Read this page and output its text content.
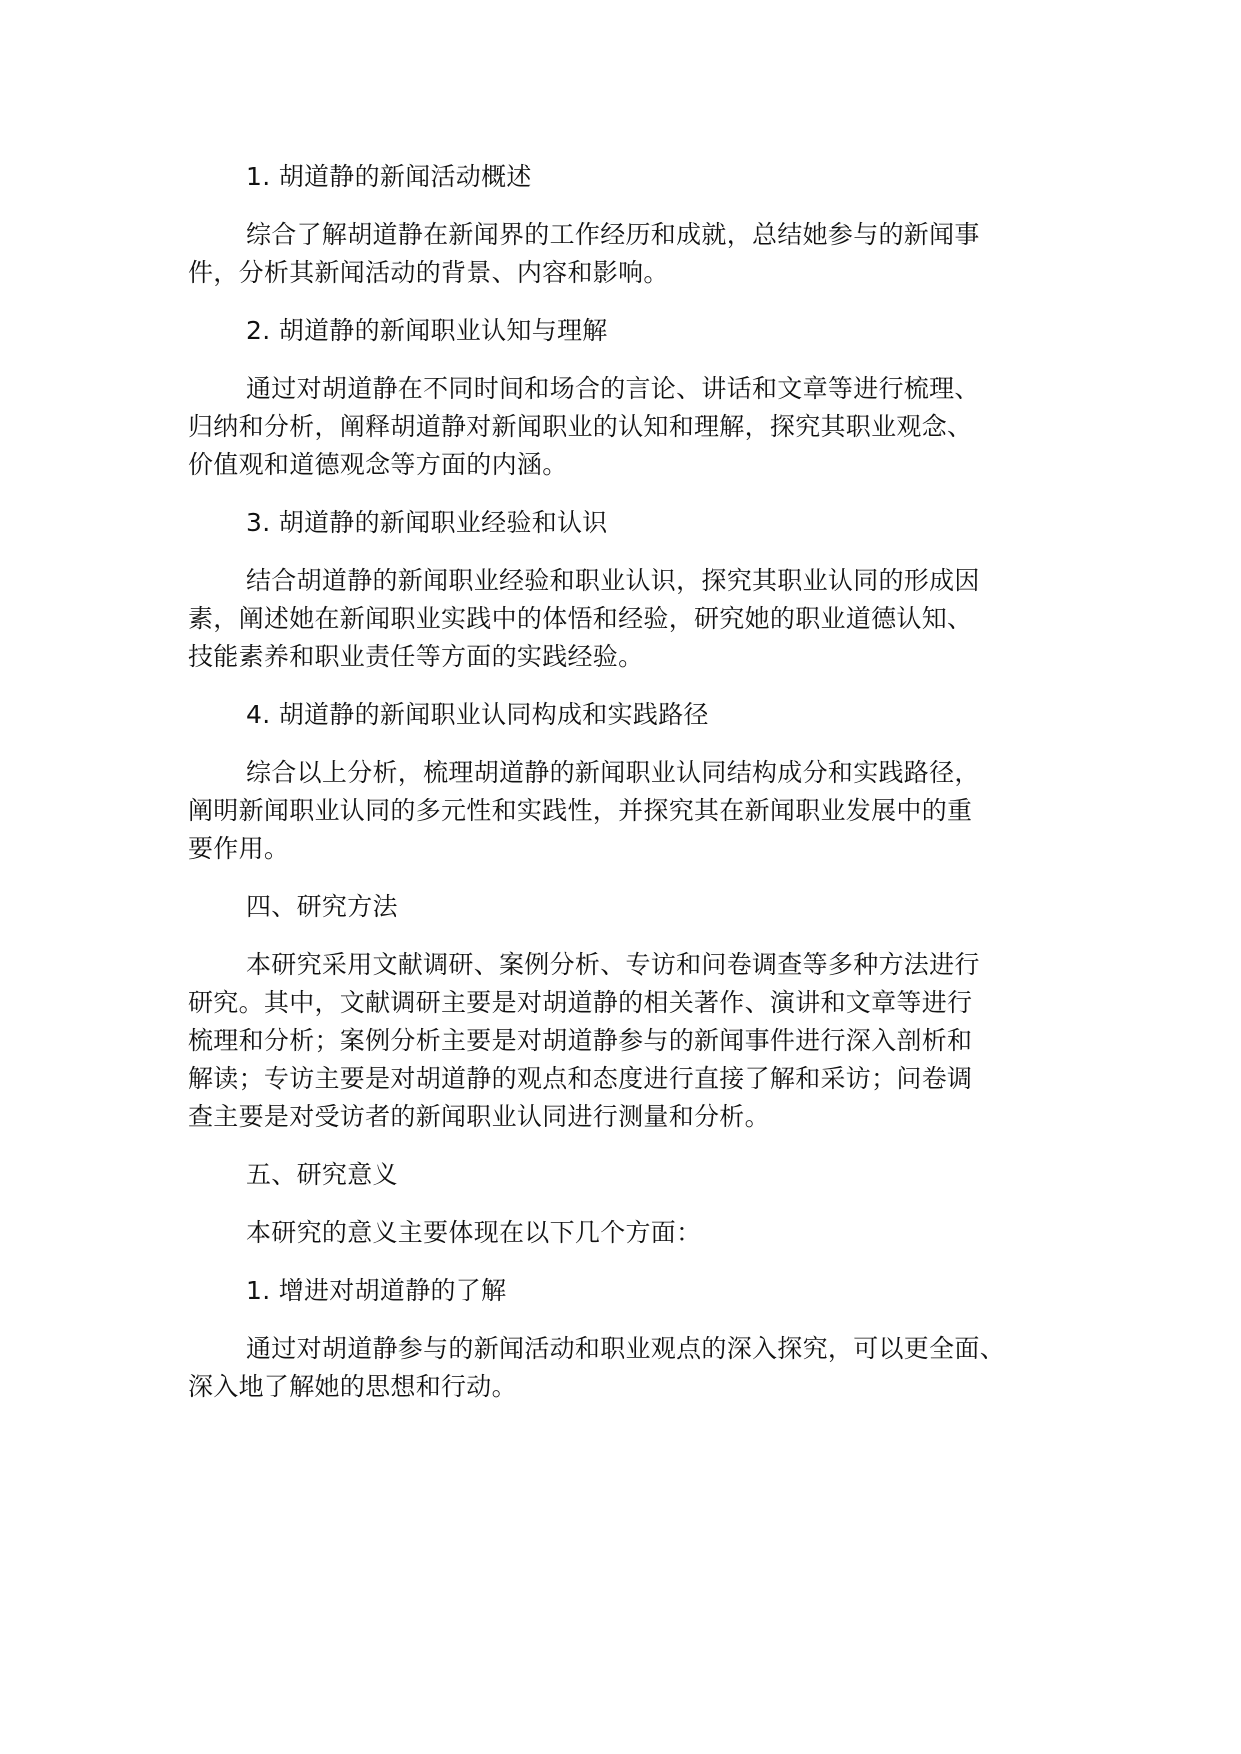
1. 胡道静的新闻活动概述
综合了解胡道静在新闻界的工作经历和成就，总结她参与的新闻事
件，分析其新闻活动的背景、内容和影响。
2. 胡道静的新闻职业认知与理解
通过对胡道静在不同时间和场合的言论、讲话和文章等进行梳理、
归纳和分析，阐释胡道静对新闻职业的认知和理解，探究其职业观念、
价值观和道德观念等方面的内涵。
3. 胡道静的新闻职业经验和认识
结合胡道静的新闻职业经验和职业认识，探究其职业认同的形成因
素，阐述她在新闻职业实践中的体悟和经验，研究她的职业道德认知、
技能素养和职业责任等方面的实践经验。
4. 胡道静的新闻职业认同构成和实践路径
综合以上分析，梳理胡道静的新闻职业认同结构成分和实践路径，
阐明新闻职业认同的多元性和实践性，并探究其在新闻职业发展中的重
要作用。
四、研究方法
本研究采用文献调研、案例分析、专访和问卷调查等多种方法进行
研究。其中，文献调研主要是对胡道静的相关著作、演讲和文章等进行
梳理和分析；案例分析主要是对胡道静参与的新闻事件进行深入剖析和
解读；专访主要是对胡道静的观点和态度进行直接了解和采访；问卷调
查主要是对受访者的新闻职业认同进行测量和分析。
五、研究意义
本研究的意义主要体现在以下几个方面：
1. 增进对胡道静的了解
通过对胡道静参与的新闻活动和职业观点的深入探究，可以更全面、
深入地了解她的思想和行动。
